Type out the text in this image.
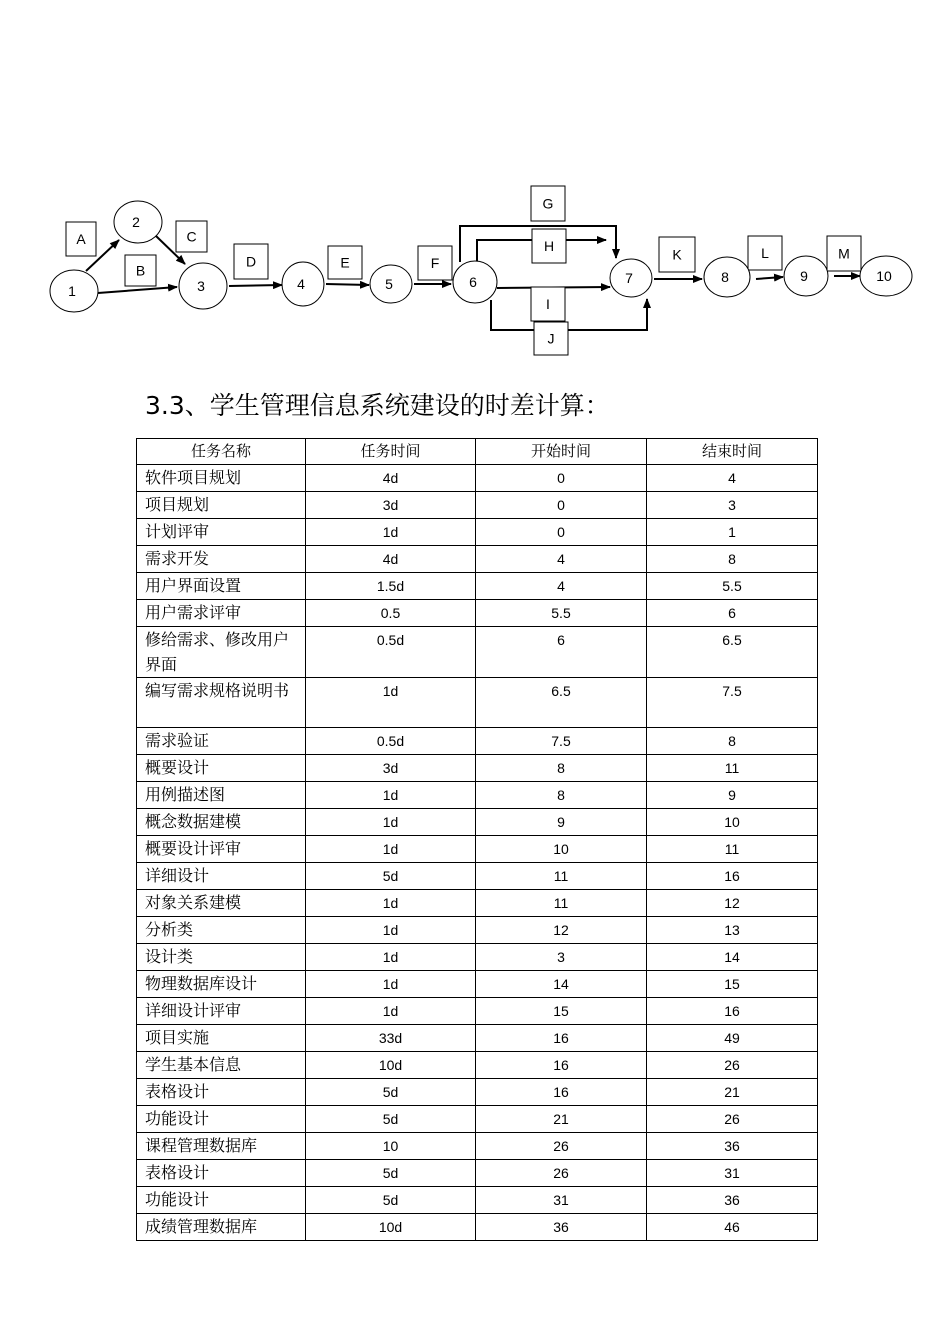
A
B
C
D	E	F
G
H
I
J
K	L	M
1
2
3	4	5	6	7	8	9	10
3.3、学生管理信息系统建设的时差计算：
任务名称	任务时间	开始时间	结束时间
软件项目规划	4d	0	4
项目规划	3d	0	3
计划评审	1d	0	1
需求开发	4d	4	8
用户界面设置	1.5d	4	5.5
用户需求评审	0.5	5.5	6
修给需求、修改用户界面	0.5d	6	6.5
编写需求规格说明书	1d	6.5	7.5
需求验证	0.5d	7.5	8
概要设计	3d	8	11
用例描述图	1d	8	9
概念数据建模	1d	9	10
概要设计评审	1d	10	11
详细设计	5d	11	16
对象关系建模	1d	11	12
分析类	1d	12	13
设计类	1d	3	14
物理数据库设计	1d	14	15
详细设计评审	1d	15	16
项目实施	33d	16	49
学生基本信息	10d	16	26
表格设计	5d	16	21
功能设计	5d	21	26
课程管理数据库	10	26	36
表格设计	5d	26	31
功能设计	5d	31	36
成绩管理数据库	10d	36	46
